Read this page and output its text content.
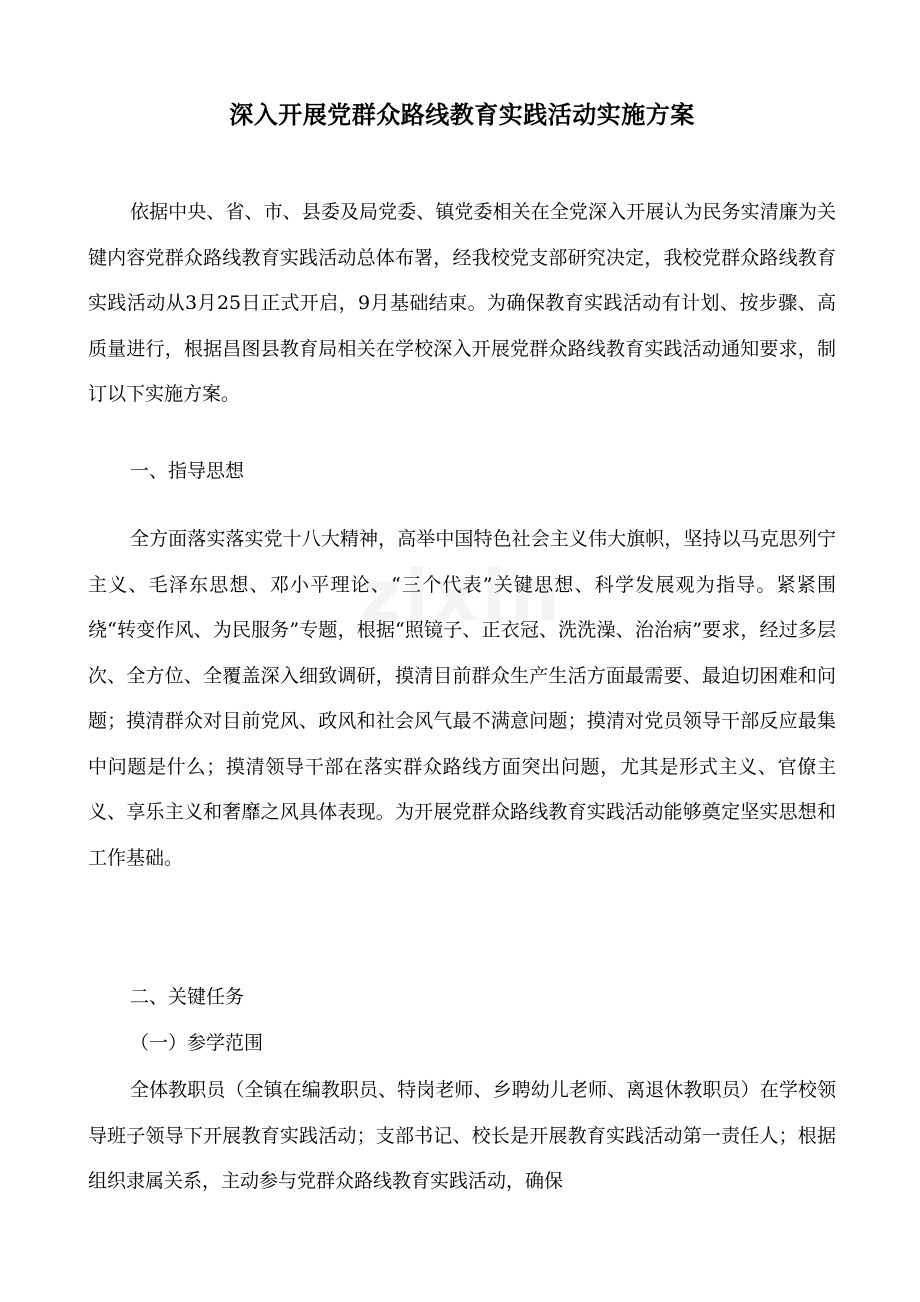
深入开展党群众路线教育实践活动实施方案

依据中央、省、市、县委及局党委、镇党委相关在全党深入开展认为民务实清廉为关键内容党群众路线教育实践活动总体布署，经我校党支部研究决定，我校党群众路线教育实践活动从3月25日正式开启，9月基础结束。为确保教育实践活动有计划、按步骤、高质量进行，根据昌图县教育局相关在学校深入开展党群众路线教育实践活动通知要求，制订以下实施方案。

一、指导思想

全方面落实落实党十八大精神，高举中国特色社会主义伟大旗帜，坚持以马克思列宁主义、毛泽东思想、邓小平理论、“三个代表”关键思想、科学发展观为指导。紧紧围绕“转变作风、为民服务”专题，根据“照镜子、正衣冠、洗洗澡、治治病”要求，经过多层次、全方位、全覆盖深入细致调研，摸清目前群众生产生活方面最需要、最迫切困难和问题；摸清群众对目前党风、政风和社会风气最不满意问题；摸清对党员领导干部反应最集中问题是什么；摸清领导干部在落实群众路线方面突出问题，尤其是形式主义、官僚主义、享乐主义和奢靡之风具体表现。为开展党群众路线教育实践活动能够奠定坚实思想和工作基础。

二、关键任务

（一）参学范围

全体教职员（全镇在编教职员、特岗老师、乡聘幼儿老师、离退休教职员）在学校领导班子领导下开展教育实践活动；支部书记、校长是开展教育实践活动第一责任人；根据组织隶属关系，主动参与党群众路线教育实践活动，确保
